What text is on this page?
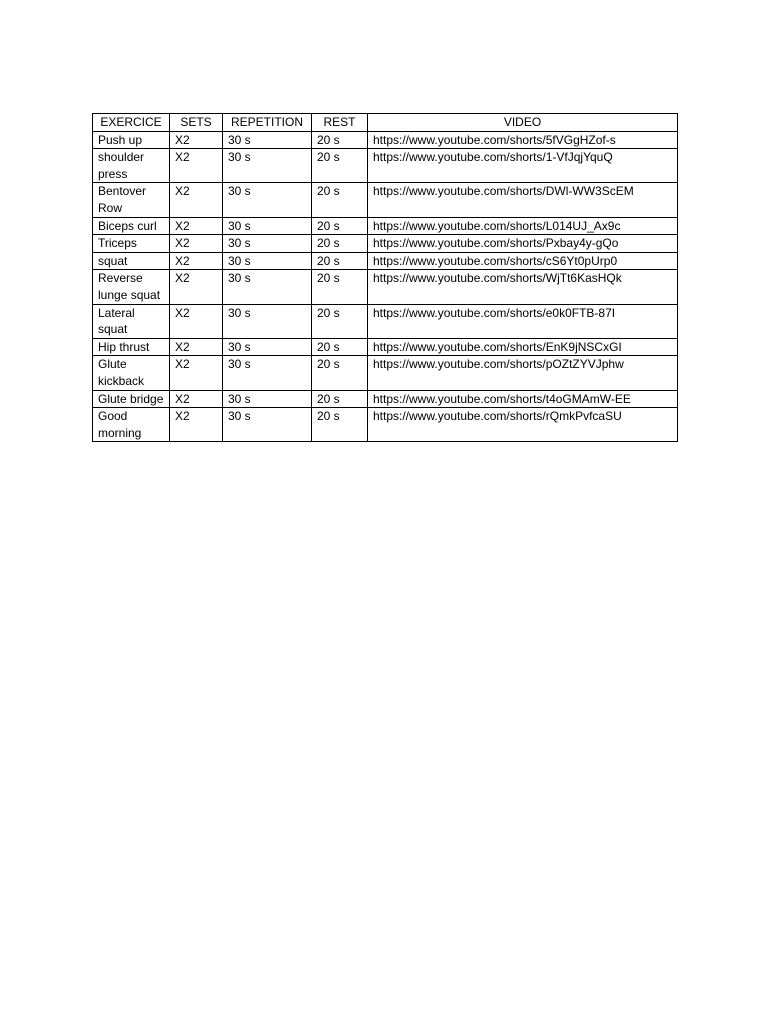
EXERCICE	SETS	REPETITION	REST	VIDEO
Push up	X2	30 s	20 s	https://www.youtube.com/shorts/5fVGgHZof-s
shoulder press	X2	30 s	20 s	https://www.youtube.com/shorts/1-VfJqjYquQ
Bentover Row	X2	30 s	20 s	https://www.youtube.com/shorts/DWl-WW3ScEM
Biceps curl	X2	30 s	20 s	https://www.youtube.com/shorts/L014UJ_Ax9c
Triceps	X2	30 s	20 s	https://www.youtube.com/shorts/Pxbay4y-gQo
squat	X2	30 s	20 s	https://www.youtube.com/shorts/cS6Yt0pUrp0
Reverse lunge squat	X2	30 s	20 s	https://www.youtube.com/shorts/WjTt6KasHQk
Lateral squat	X2	30 s	20 s	https://www.youtube.com/shorts/e0k0FTB-87I
Hip thrust	X2	30 s	20 s	https://www.youtube.com/shorts/EnK9jNSCxGI
Glute kickback	X2	30 s	20 s	https://www.youtube.com/shorts/pOZtZYVJphw
Glute bridge	X2	30 s	20 s	https://www.youtube.com/shorts/t4oGMAmW-EE
Good morning	X2	30 s	20 s	https://www.youtube.com/shorts/rQmkPvfcaSU
